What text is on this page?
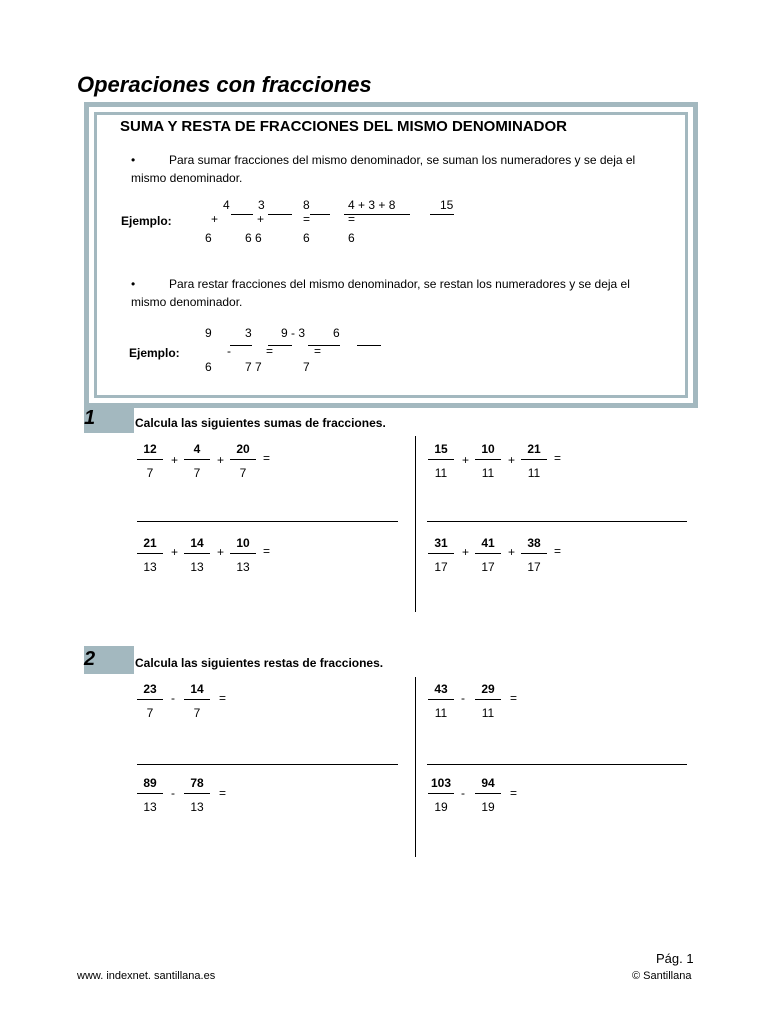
Operaciones con fracciones
SUMA Y RESTA DE FRACCIONES DEL MISMO DENOMINADOR
•	Para sumar fracciones del mismo denominador, se suman los numeradores y se deja el
mismo denominador.
Ejemplo:
4 3	8	4 + 3 + 8	15
+	+	=	=
6	6 6	6	6
•	Para restar fracciones del mismo denominador, se restan los numeradores y se deja el
mismo denominador.
Ejemplo:
9	3 9 - 3 6
-	=	=
6	7 7	7
1	Calcula las siguientes sumas de fracciones.
$\frac{12}{7} + \frac{4}{7} + \frac{20}{7}$ =	$\frac{15}{11} + \frac{10}{11} + \frac{21}{11}$ =
$\frac{21}{13} + \frac{14}{13} + \frac{10}{13}$ =	$\frac{31}{17} + \frac{41}{17} + \frac{38}{17}$ =
2	Calcula las siguientes restas de fracciones.
$\frac{23}{7} - \frac{14}{7}$ =	$\frac{43}{11} - \frac{29}{11}$ =
$\frac{89}{13} - \frac{78}{13}$ =	$\frac{103}{19} - \frac{94}{19}$ =
www. indexnet. santillana.es
Pág. 1
© Santillana
